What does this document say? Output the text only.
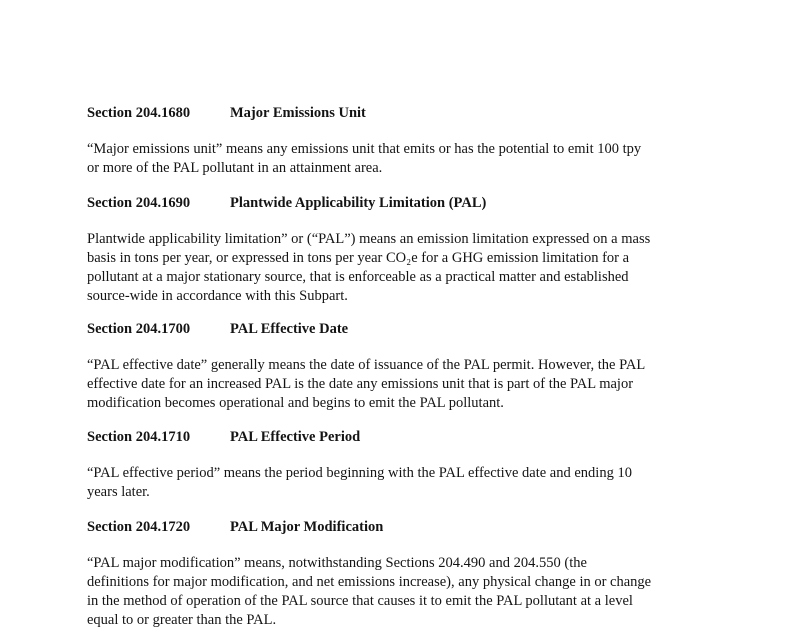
Section 204.1680	Major Emissions Unit
“Major emissions unit” means any emissions unit that emits or has the potential to emit 100 tpy
or more of the PAL pollutant in an attainment area.
Section 204.1690	Plantwide Applicability Limitation (PAL)
Plantwide applicability limitation” or (“PAL”) means an emission limitation expressed on a mass
basis in tons per year, or expressed in tons per year CO₂e for a GHG emission limitation for a
pollutant at a major stationary source, that is enforceable as a practical matter and established
source-wide in accordance with this Subpart.
Section 204.1700	PAL Effective Date
“PAL effective date” generally means the date of issuance of the PAL permit. However, the PAL
effective date for an increased PAL is the date any emissions unit that is part of the PAL major
modification becomes operational and begins to emit the PAL pollutant.
Section 204.1710	PAL Effective Period
“PAL effective period” means the period beginning with the PAL effective date and ending 10
years later.
Section 204.1720	PAL Major Modification
“PAL major modification” means, notwithstanding Sections 204.490 and 204.550 (the
definitions for major modification, and net emissions increase), any physical change in or change
in the method of operation of the PAL source that causes it to emit the PAL pollutant at a level
equal to or greater than the PAL.
